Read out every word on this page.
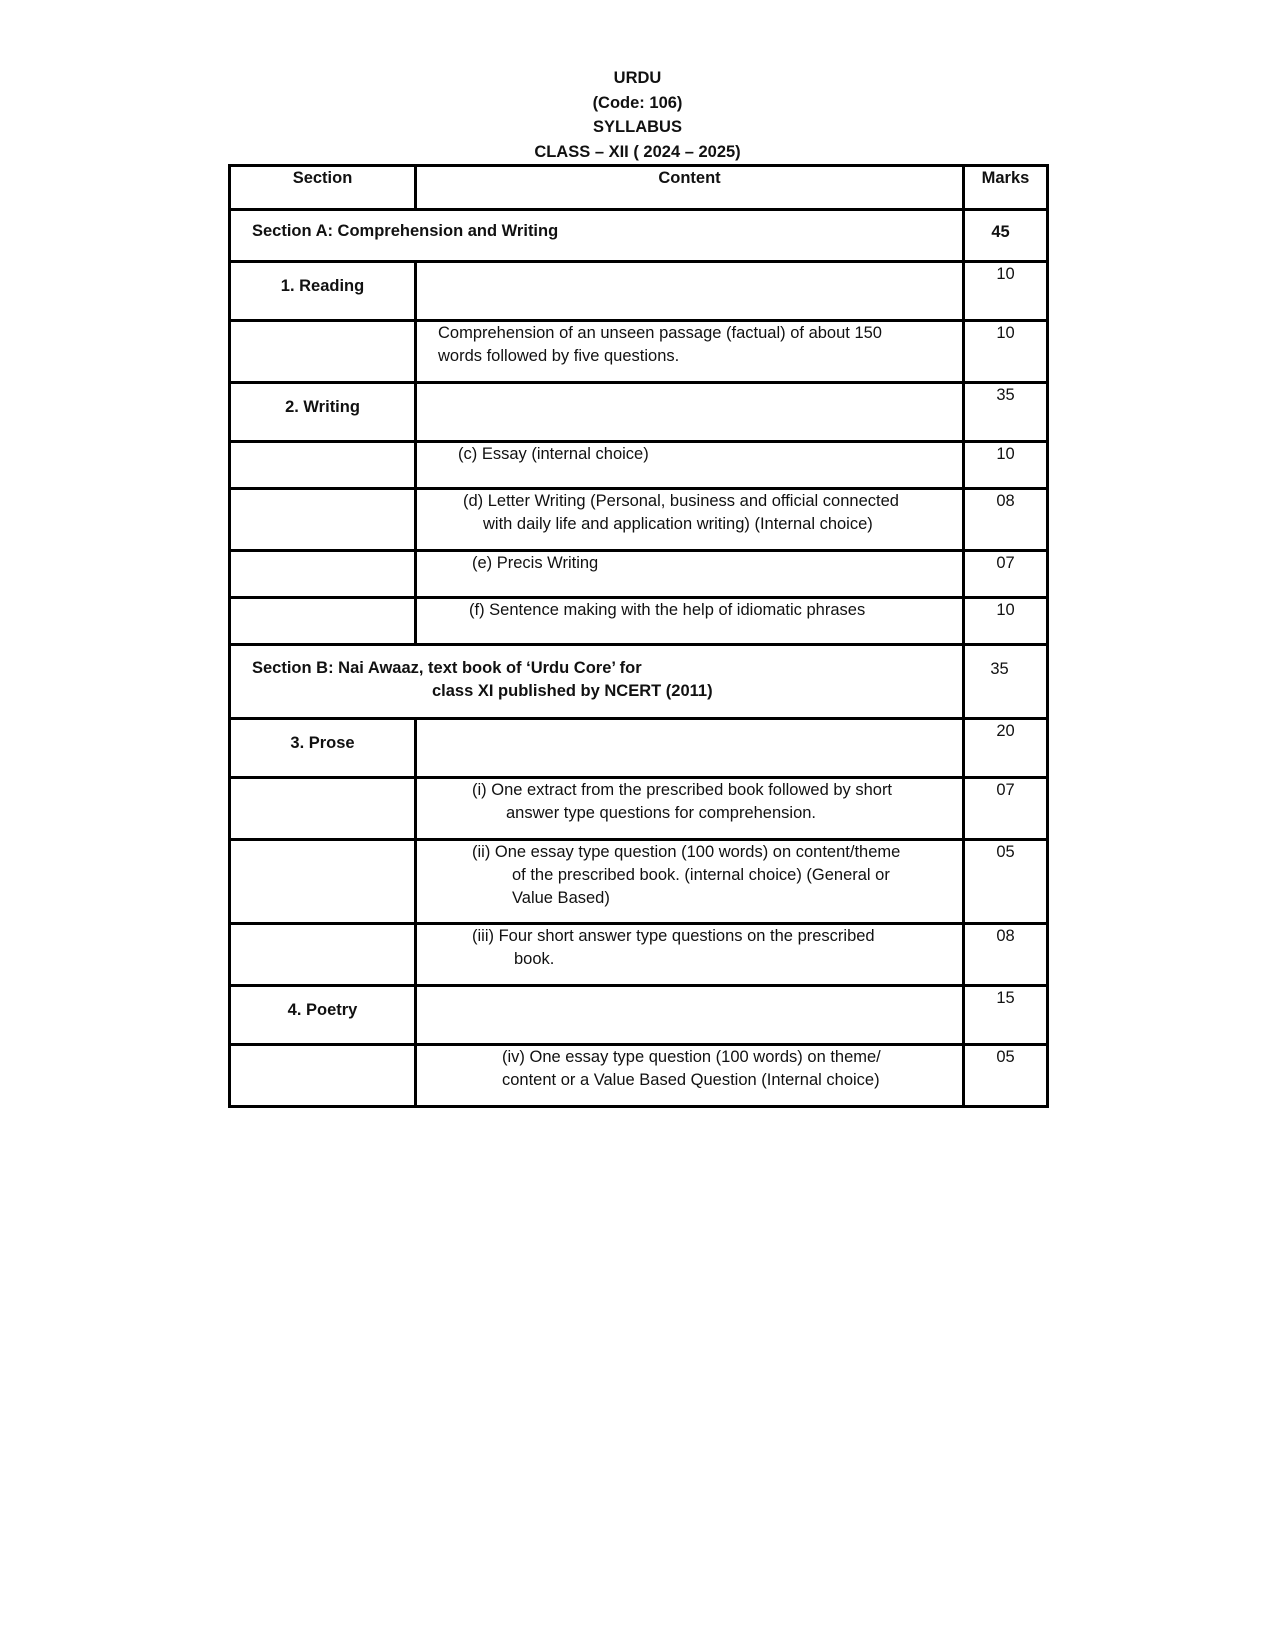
URDU
(Code: 106)
SYLLABUS
CLASS – XII ( 2024 – 2025)
Section	Content	Marks
Section A: Comprehension and Writing		45
1. Reading		10

	Comprehension of an unseen passage (factual) of about 150
words followed by five questions.	10
2. Writing		35

	(c) Essay (internal choice)	10

	(d) Letter Writing (Personal, business and official connected
with daily life and application writing) (Internal choice)	08

	(e) Precis Writing	07

	(f) Sentence making with the help of idiomatic phrases	10
Section B: Nai Awaaz, text book of ‘Urdu Core’ for
class XI published by NCERT (2011)		35
3. Prose		20

	(i) One extract from the prescribed book followed by short
answer type questions for comprehension.	07

	(ii) One essay type question (100 words) on content/theme
of the prescribed book. (internal choice) (General or
Value Based)	05

	(iii) Four short answer type questions on the prescribed
book.	08
4. Poetry		15

	(iv) One essay type question (100 words) on theme/
content or a Value Based Question (Internal choice)	05
